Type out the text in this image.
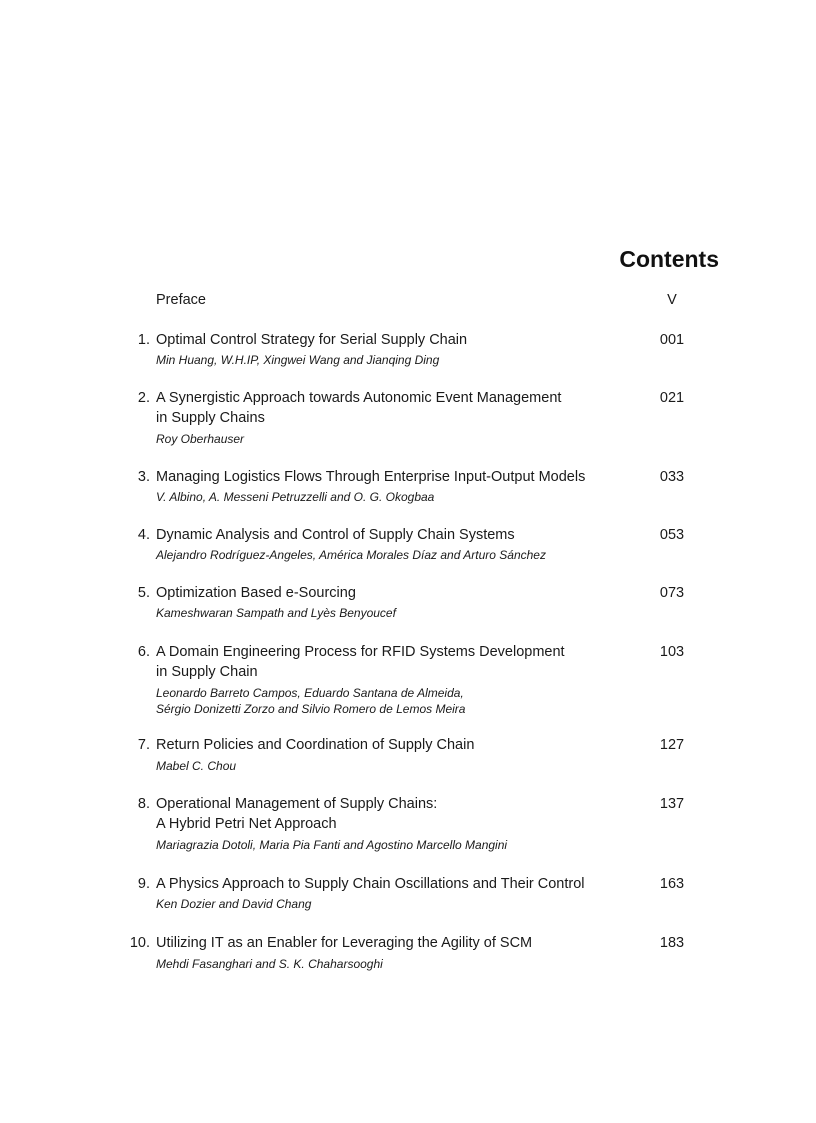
Contents
Preface	V
1. Optimal Control Strategy for Serial Supply Chain
Min Huang, W.H.IP, Xingwei Wang and Jianqing Ding
001
2. A Synergistic Approach towards Autonomic Event Management
in Supply Chains
Roy Oberhauser
021
3. Managing Logistics Flows Through Enterprise Input-Output Models
V. Albino, A. Messeni Petruzzelli and O. G. Okogbaa
033
4. Dynamic Analysis and Control of Supply Chain Systems
Alejandro Rodríguez-Angeles, América Morales Díaz and Arturo Sánchez
053
5. Optimization Based e-Sourcing
Kameshwaran Sampath and Lyès Benyoucef
073
6. A Domain Engineering Process for RFID Systems Development
in Supply Chain
Leonardo Barreto Campos, Eduardo Santana de Almeida,
Sérgio Donizetti Zorzo and Silvio Romero de Lemos Meira
103
7. Return Policies and Coordination of Supply Chain
Mabel C. Chou
127
8. Operational Management of Supply Chains:
A Hybrid Petri Net Approach
Mariagrazia Dotoli, Maria Pia Fanti and Agostino Marcello Mangini
137
9. A Physics Approach to Supply Chain Oscillations and Their Control
Ken Dozier and David Chang
163
10. Utilizing IT as an Enabler for Leveraging the Agility of SCM
Mehdi Fasanghari and S. K. Chaharsooghi
183
